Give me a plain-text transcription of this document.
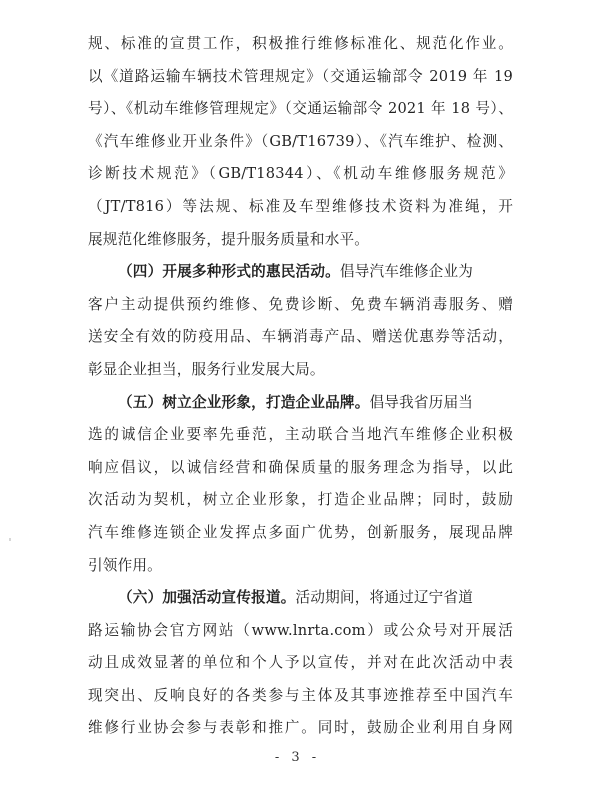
规、标准的宣贯工作，积极推行维修标准化、规范化作业。
以《道路运输车辆技术管理规定》（交通运输部令 2019 年 19
号）、《机动车维修管理规定》（交通运输部令 2021 年 18 号）、
《汽车维修业开业条件》（GB/T16739）、《汽车维护、检测、
诊断技术规范》（GB/T18344）、《机动车维修服务规范》
（JT/T816）等法规、标准及车型维修技术资料为准绳，开
展规范化维修服务，提升服务质量和水平。
（四）开展多种形式的惠民活动。倡导汽车维修企业为
客户主动提供预约维修、免费诊断、免费车辆消毒服务、赠
送安全有效的防疫用品、车辆消毒产品、赠送优惠券等活动，
彰显企业担当，服务行业发展大局。
（五）树立企业形象，打造企业品牌。倡导我省历届当
选的诚信企业要率先垂范，主动联合当地汽车维修企业积极
响应倡议，以诚信经营和确保质量的服务理念为指导，以此
次活动为契机，树立企业形象，打造企业品牌；同时，鼓励
汽车维修连锁企业发挥点多面广优势，创新服务，展现品牌
引领作用。
（六）加强活动宣传报道。活动期间，将通过辽宁省道
路运输协会官方网站（www.lnrta.com）或公众号对开展活
动且成效显著的单位和个人予以宣传，并对在此次活动中表
现突出、反响良好的各类参与主体及其事迹推荐至中国汽车
维修行业协会参与表彰和推广。同时，鼓励企业利用自身网
- 3 -
